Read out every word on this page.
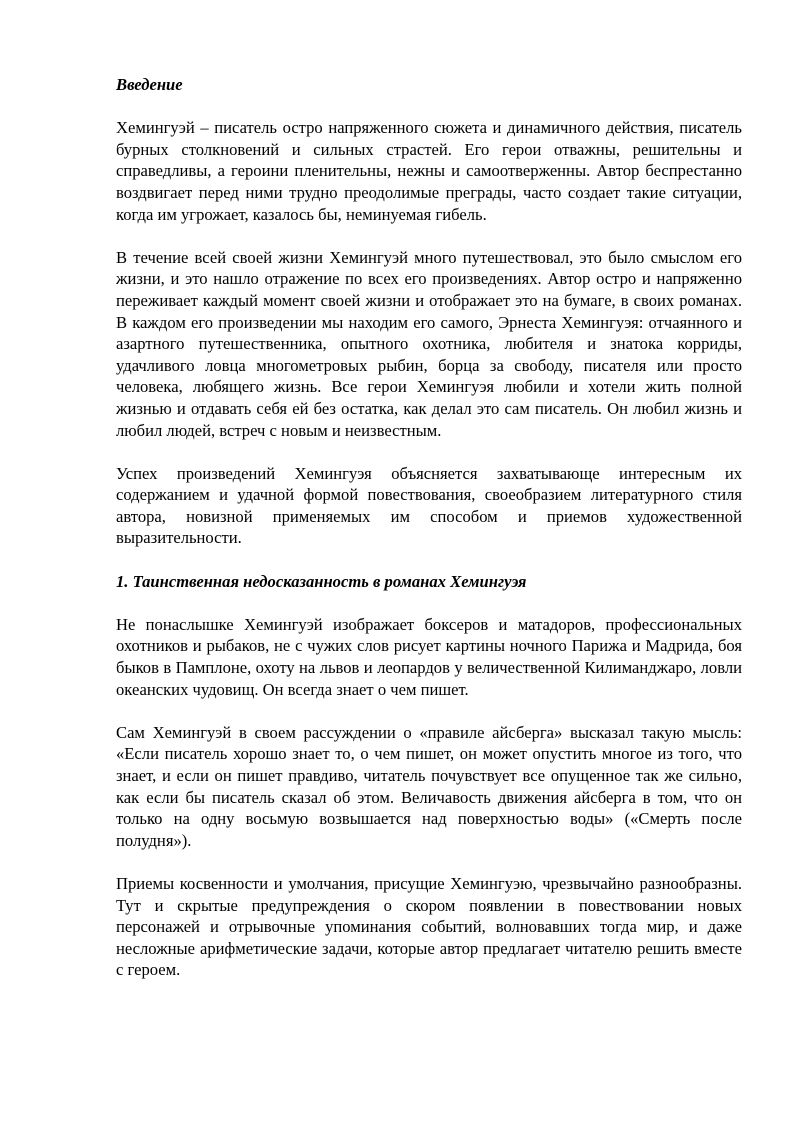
Введение

Хемингуэй – писатель остро напряженного сюжета и динамичного действия, писатель бурных столкновений и сильных страстей. Его герои отважны, решительны и справедливы, а героини пленительны, нежны и самоотверженны. Автор беспрестанно воздвигает перед ними трудно преодолимые преграды, часто создает такие ситуации, когда им угрожает, казалось бы, неминуемая гибель.

В течение всей своей жизни Хемингуэй много путешествовал, это было смыслом его жизни, и это нашло отражение по всех его произведениях. Автор остро и напряженно переживает каждый момент своей жизни и отображает это на бумаге, в своих романах. В каждом его произведении мы находим его самого, Эрнеста Хемингуэя: отчаянного и азартного путешественника, опытного охотника, любителя и знатока корриды, удачливого ловца многометровых рыбин, борца за свободу, писателя или просто человека, любящего жизнь. Все герои Хемингуэя любили и хотели жить полной жизнью и отдавать себя ей без остатка, как делал это сам писатель. Он любил жизнь и любил людей, встреч с новым и неизвестным.

Успех произведений Хемингуэя объясняется захватывающе интересным их содержанием и удачной формой повествования, своеобразием литературного стиля автора, новизной применяемых им способом и приемов художественной выразительности.

1. Таинственная недосказанность в романах Хемингуэя

Не понаслышке Хемингуэй изображает боксеров и матадоров, профессиональных охотников и рыбаков, не с чужих слов рисует картины ночного Парижа и Мадрида, боя быков в Памплоне, охоту на львов и леопардов у величественной Килиманджаро, ловли океанских чудовищ. Он всегда знает о чем пишет.

Сам Хемингуэй в своем рассуждении о «правиле айсберга» высказал такую мысль: «Если писатель хорошо знает то, о чем пишет, он может опустить многое из того, что знает, и если он пишет правдиво, читатель почувствует все опущенное так же сильно, как если бы писатель сказал об этом. Величавость движения айсберга в том, что он только на одну восьмую возвышается над поверхностью воды» («Смерть после полудня»).

Приемы косвенности и умолчания, присущие Хемингуэю, чрезвычайно разнообразны. Тут и скрытые предупреждения о скором появлении в повествовании новых персонажей и отрывочные упоминания событий, волновавших тогда мир, и даже несложные арифметические задачи, которые автор предлагает читателю решить вместе с героем.
